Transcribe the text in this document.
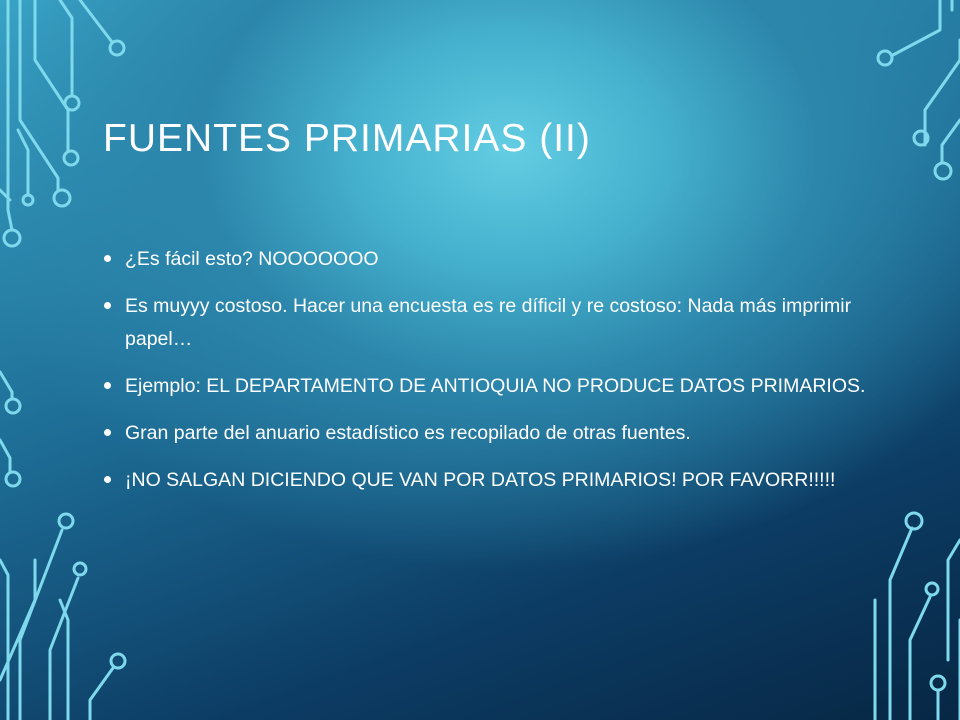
FUENTES PRIMARIAS (II)
¿Es fácil esto? NOOOOOOO
Es muyyy costoso. Hacer una encuesta es re díficil y re costoso: Nada más imprimir papel…
Ejemplo: EL DEPARTAMENTO DE ANTIOQUIA NO PRODUCE DATOS PRIMARIOS.
Gran parte del anuario estadístico es recopilado de otras fuentes.
¡NO SALGAN DICIENDO QUE VAN POR DATOS PRIMARIOS! POR FAVORR!!!!!
